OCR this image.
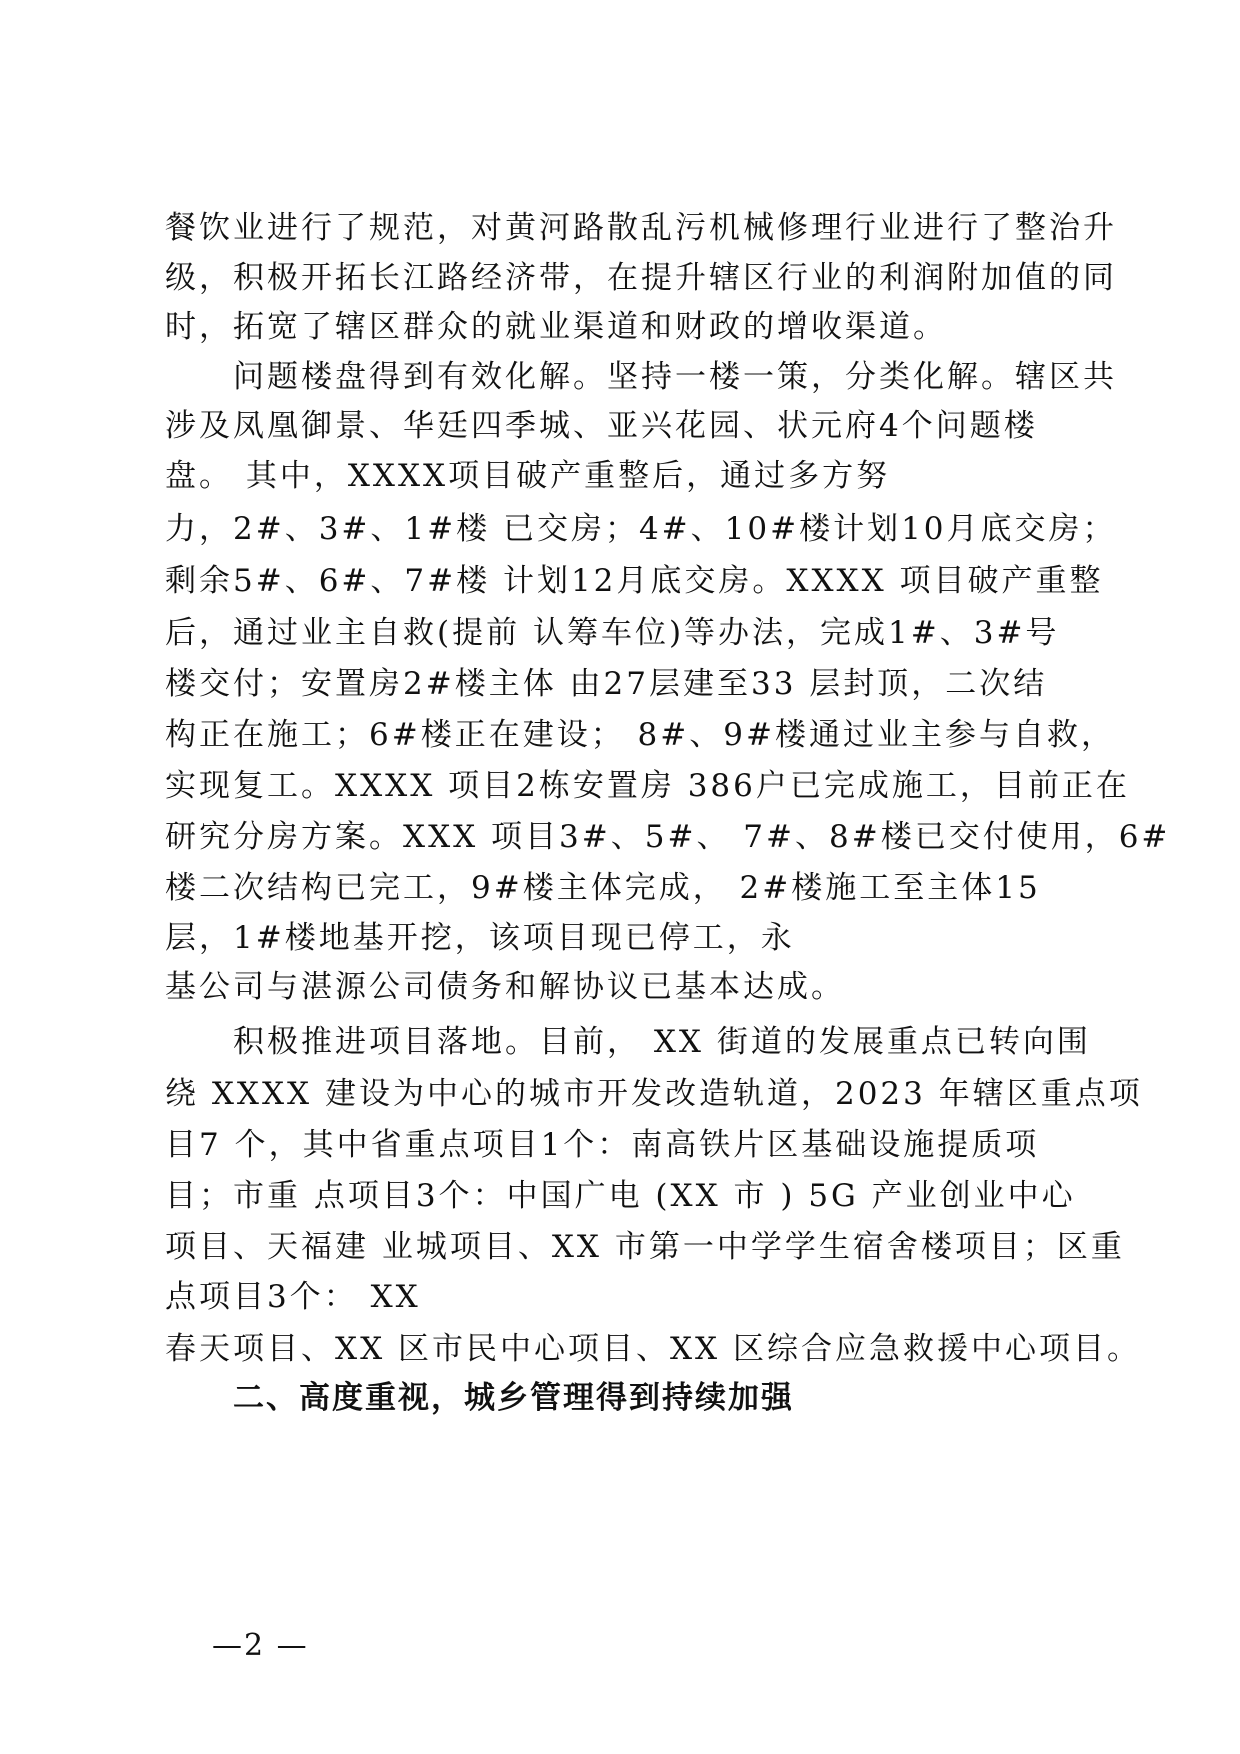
餐饮业进行了规范，对黄河路散乱污机械修理行业进行了整治升
级，积极开拓长江路经济带，在提升辖区行业的利润附加值的同
时，拓宽了辖区群众的就业渠道和财政的增收渠道。
问题楼盘得到有效化解。坚持一楼一策，分类化解。辖区共
涉及凤凰御景、华廷四季城、亚兴花园、状元府4个问题楼
盘。 其中，XXXX项目破产重整后，通过多方努
力，2#、3#、1#楼 已交房；4#、10#楼计划10月底交房；
剩余5#、6#、7#楼 计划12月底交房。XXXX 项目破产重整
后，通过业主自救(提前 认筹车位)等办法，完成1#、3#号
楼交付；安置房2#楼主体 由27层建至33 层封顶，二次结
构正在施工；6#楼正在建设； 8#、9#楼通过业主参与自救，
实现复工。XXXX 项目2栋安置房 386户已完成施工，目前正在
研究分房方案。XXX 项目3#、5#、 7#、8#楼已交付使用，6#
楼二次结构已完工，9#楼主体完成， 2#楼施工至主体15
层，1#楼地基开挖，该项目现已停工，永
基公司与湛源公司债务和解协议已基本达成。
积极推进项目落地。目前， XX 街道的发展重点已转向围
绕 XXXX 建设为中心的城市开发改造轨道，2023 年辖区重点项
目7 个，其中省重点项目1个：南高铁片区基础设施提质项
目；市重 点项目3个：中国广电 (XX 市 ) 5G 产业创业中心
项目、天福建 业城项目、XX 市第一中学学生宿舍楼项目；区重
点项目3个： XX
春天项目、XX 区市民中心项目、XX 区综合应急救援中心项目。
二、高度重视，城乡管理得到持续加强
—2 —
